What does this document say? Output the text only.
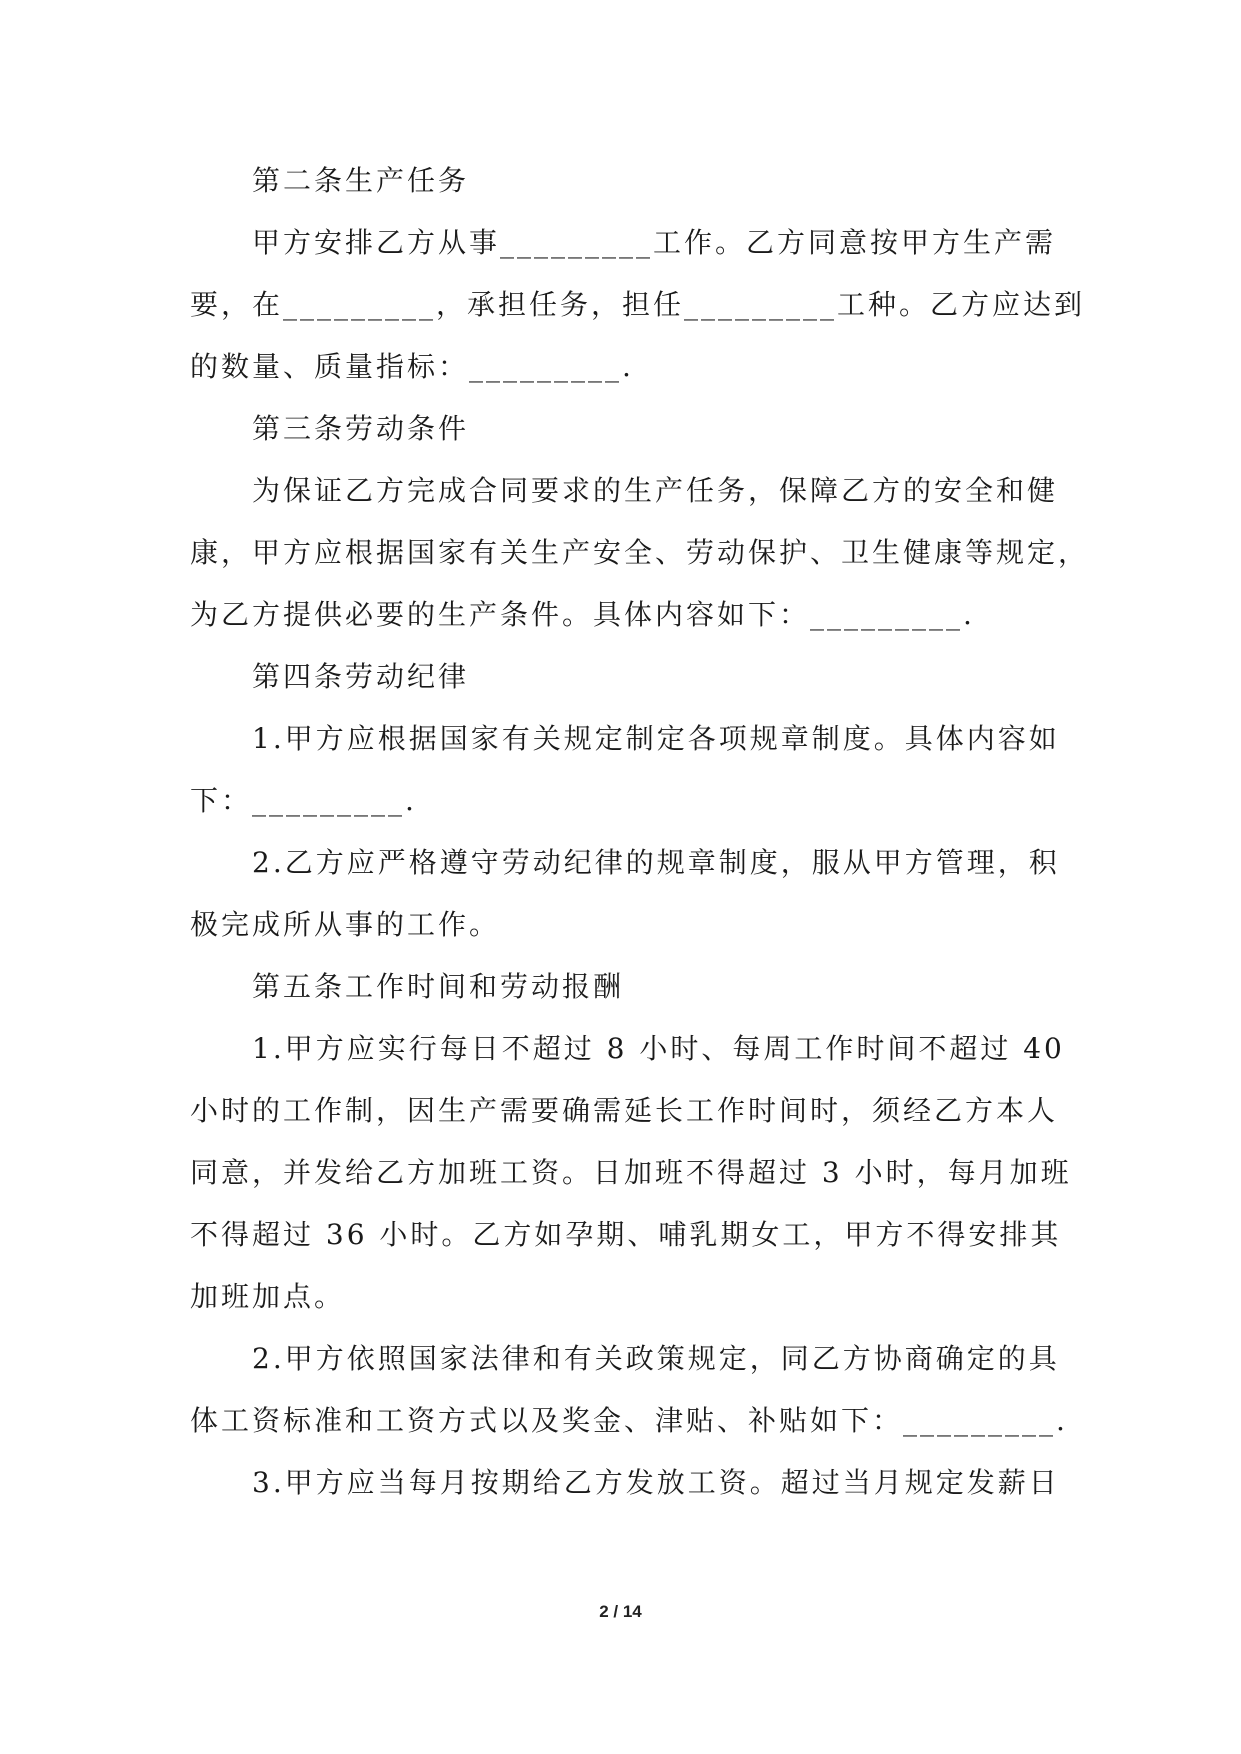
第二条生产任务
甲方安排乙方从事_________工作。乙方同意按甲方生产需
要，在_________，承担任务，担任_________工种。乙方应达到
的数量、质量指标：_________.
第三条劳动条件
为保证乙方完成合同要求的生产任务，保障乙方的安全和健
康，甲方应根据国家有关生产安全、劳动保护、卫生健康等规定，
为乙方提供必要的生产条件。具体内容如下：_________.
第四条劳动纪律
1.甲方应根据国家有关规定制定各项规章制度。具体内容如
下：_________.
2.乙方应严格遵守劳动纪律的规章制度，服从甲方管理，积
极完成所从事的工作。
第五条工作时间和劳动报酬
1.甲方应实行每日不超过 8 小时、每周工作时间不超过 40
小时的工作制，因生产需要确需延长工作时间时，须经乙方本人
同意，并发给乙方加班工资。日加班不得超过 3 小时，每月加班
不得超过 36 小时。乙方如孕期、哺乳期女工，甲方不得安排其
加班加点。
2.甲方依照国家法律和有关政策规定，同乙方协商确定的具
体工资标准和工资方式以及奖金、津贴、补贴如下：_________.
3.甲方应当每月按期给乙方发放工资。超过当月规定发薪日
2 / 14
